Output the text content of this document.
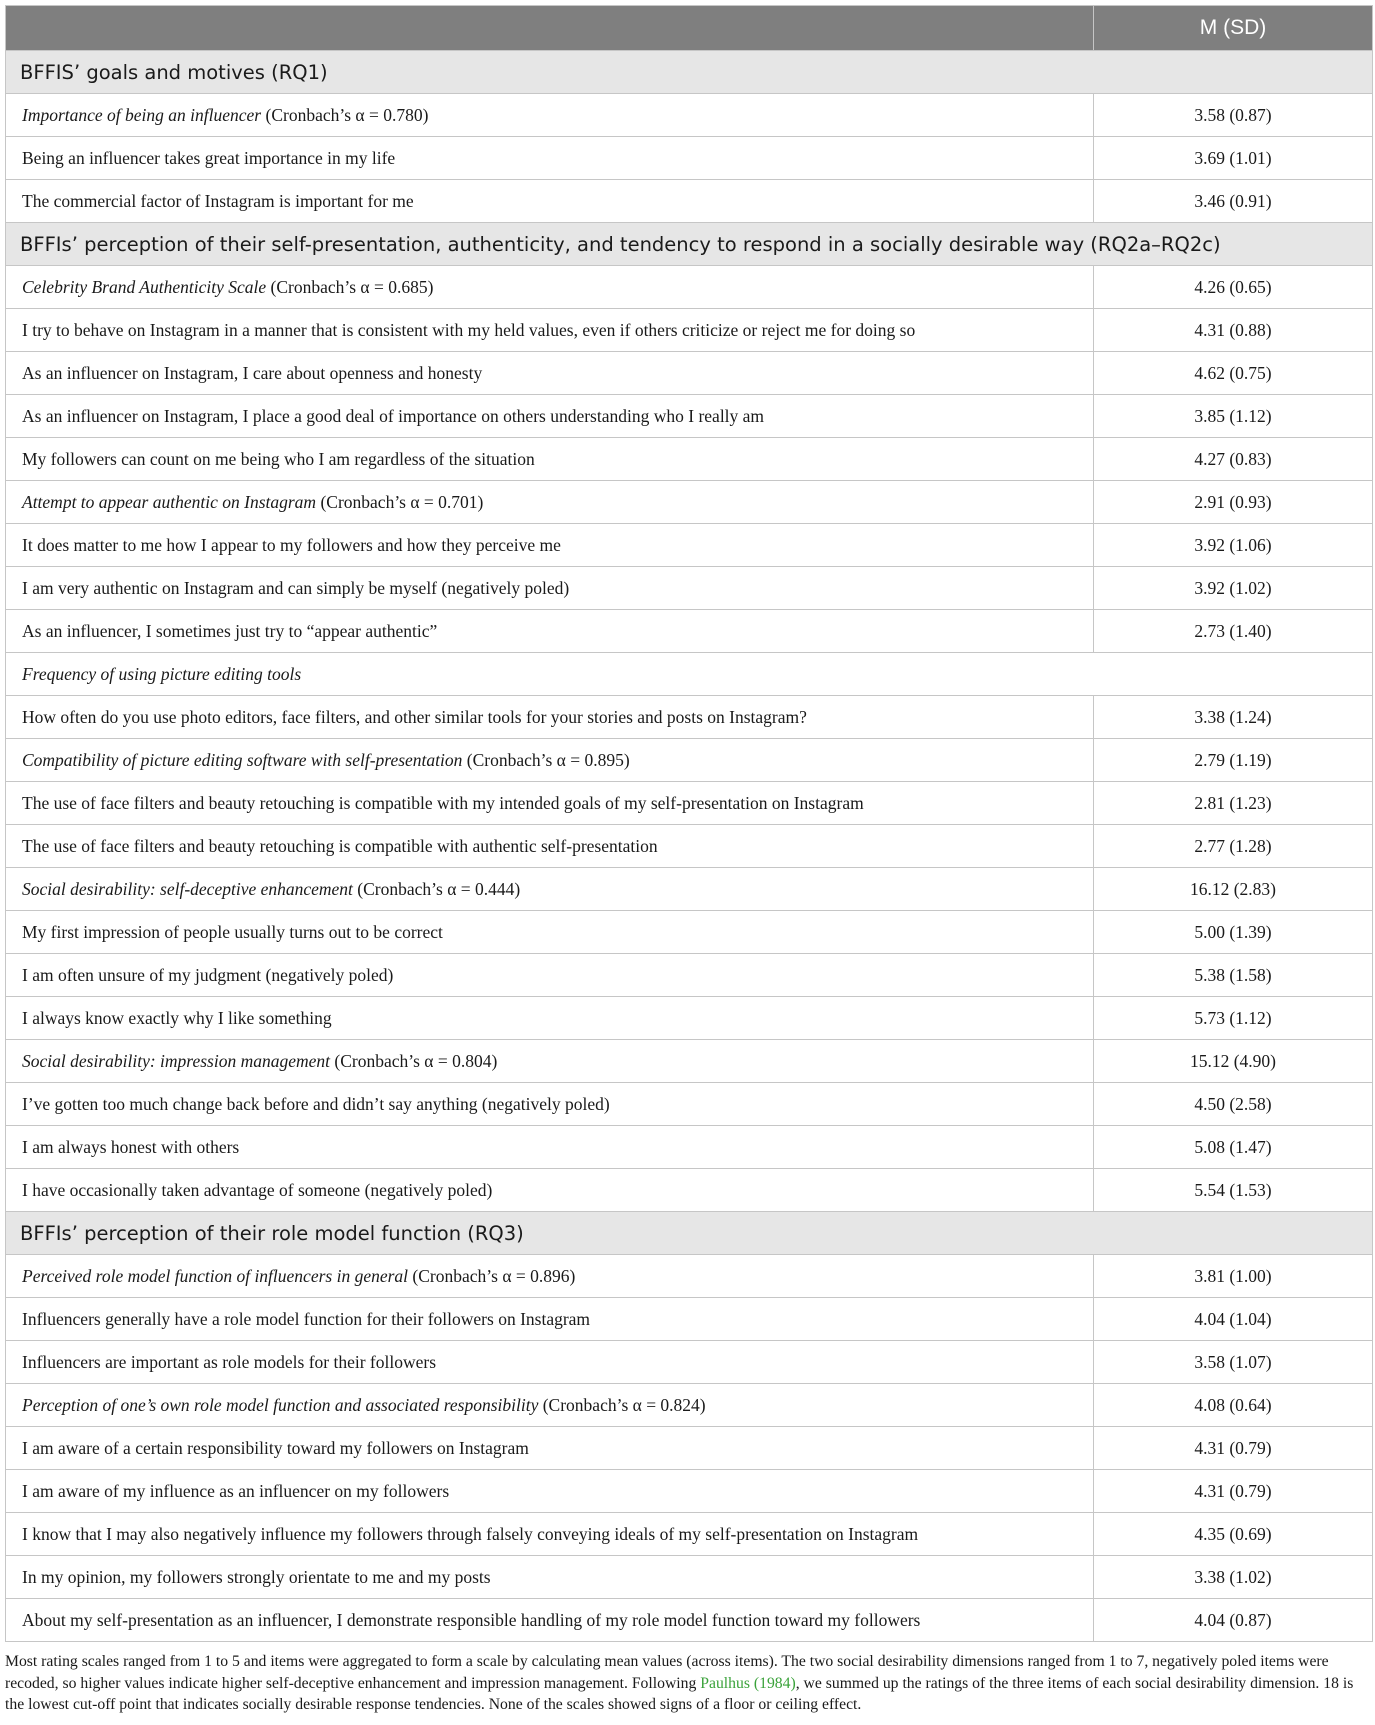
	M (SD)
BFFIS’ goals and motives (RQ1)	
Importance of being an influencer (Cronbach’s α = 0.780)	3.58 (0.87)
Being an influencer takes great importance in my life	3.69 (1.01)
The commercial factor of Instagram is important for me	3.46 (0.91)
BFFIs’ perception of their self-presentation, authenticity, and tendency to respond in a socially desirable way (RQ2a–RQ2c)	
Celebrity Brand Authenticity Scale (Cronbach’s α = 0.685)	4.26 (0.65)
I try to behave on Instagram in a manner that is consistent with my held values, even if others criticize or reject me for doing so	4.31 (0.88)
As an influencer on Instagram, I care about openness and honesty	4.62 (0.75)
As an influencer on Instagram, I place a good deal of importance on others understanding who I really am	3.85 (1.12)
My followers can count on me being who I am regardless of the situation	4.27 (0.83)
Attempt to appear authentic on Instagram (Cronbach’s α = 0.701)	2.91 (0.93)
It does matter to me how I appear to my followers and how they perceive me	3.92 (1.06)
I am very authentic on Instagram and can simply be myself (negatively poled)	3.92 (1.02)
As an influencer, I sometimes just try to “appear authentic”	2.73 (1.40)
Frequency of using picture editing tools	
How often do you use photo editors, face filters, and other similar tools for your stories and posts on Instagram?	3.38 (1.24)
Compatibility of picture editing software with self-presentation (Cronbach’s α = 0.895)	2.79 (1.19)
The use of face filters and beauty retouching is compatible with my intended goals of my self-presentation on Instagram	2.81 (1.23)
The use of face filters and beauty retouching is compatible with authentic self-presentation	2.77 (1.28)
Social desirability: self-deceptive enhancement (Cronbach’s α = 0.444)	16.12 (2.83)
My first impression of people usually turns out to be correct	5.00 (1.39)
I am often unsure of my judgment (negatively poled)	5.38 (1.58)
I always know exactly why I like something	5.73 (1.12)
Social desirability: impression management (Cronbach’s α = 0.804)	15.12 (4.90)
I’ve gotten too much change back before and didn’t say anything (negatively poled)	4.50 (2.58)
I am always honest with others	5.08 (1.47)
I have occasionally taken advantage of someone (negatively poled)	5.54 (1.53)
BFFIs’ perception of their role model function (RQ3)	
Perceived role model function of influencers in general (Cronbach’s α = 0.896)	3.81 (1.00)
Influencers generally have a role model function for their followers on Instagram	4.04 (1.04)
Influencers are important as role models for their followers	3.58 (1.07)
Perception of one’s own role model function and associated responsibility (Cronbach’s α = 0.824)	4.08 (0.64)
I am aware of a certain responsibility toward my followers on Instagram	4.31 (0.79)
I am aware of my influence as an influencer on my followers	4.31 (0.79)
I know that I may also negatively influence my followers through falsely conveying ideals of my self-presentation on Instagram	4.35 (0.69)
In my opinion, my followers strongly orientate to me and my posts	3.38 (1.02)
About my self-presentation as an influencer, I demonstrate responsible handling of my role model function toward my followers	4.04 (0.87)
Most rating scales ranged from 1 to 5 and items were aggregated to form a scale by calculating mean values (across items). The two social desirability dimensions ranged from 1 to 7, negatively poled items were recoded, so higher values indicate higher self-deceptive enhancement and impression management. Following Paulhus (1984), we summed up the ratings of the three items of each social desirability dimension. 18 is the lowest cut-off point that indicates socially desirable response tendencies. None of the scales showed signs of a floor or ceiling effect.
